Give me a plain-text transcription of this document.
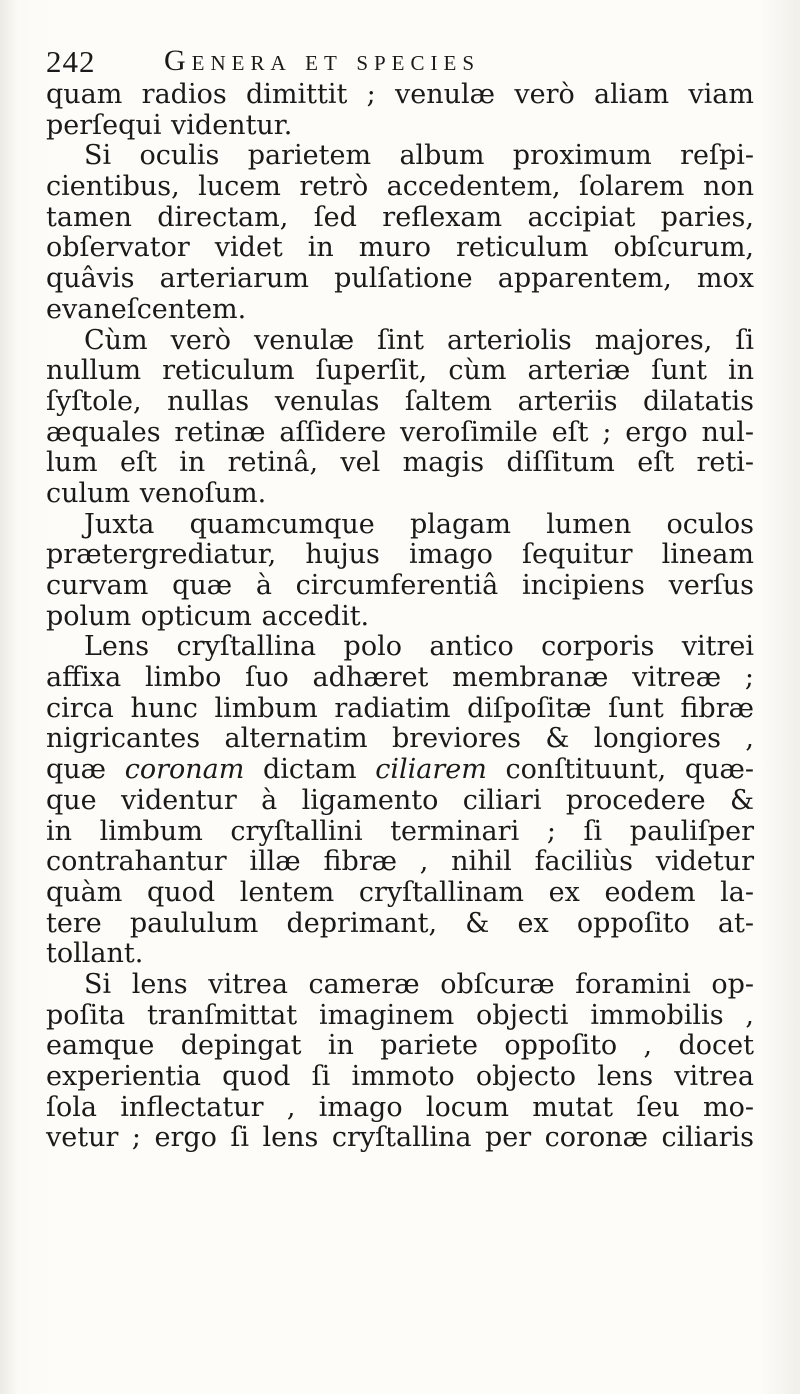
242 Genera et species
quam radios dimittit ; venulæ verò aliam viam
perſequi videntur.
Si oculis parietem album proximum reſpi-
cientibus, lucem retrò accedentem, ſolarem non
tamen directam, ſed reflexam accipiat paries,
obſervator videt in muro reticulum obſcurum,
quâvis arteriarum pulſatione apparentem, mox
evaneſcentem.
Cùm verò venulæ ſint arteriolis majores, ſi
nullum reticulum ſuperſit, cùm arteriæ ſunt in
ſyſtole, nullas venulas ſaltem arteriis dilatatis
æquales retinæ aſſidere veroſimile eſt ; ergo nul-
lum eſt in retinâ, vel magis diſſitum eſt reti-
culum venoſum.
Juxta quamcumque plagam lumen oculos
prætergrediatur, hujus imago ſequitur lineam
curvam quæ à circumferentiâ incipiens verſus
polum opticum accedit.
Lens cryſtallina polo antico corporis vitrei
affixa limbo ſuo adhæret membranæ vitreæ ;
circa hunc limbum radiatim diſpoſitæ ſunt fibræ
nigricantes alternatim breviores & longiores ,
quæ coronam dictam ciliarem conſtituunt, quæ-
que videntur à ligamento ciliari procedere &
in limbum cryſtallini terminari ; ſi pauliſper
contrahantur illæ fibræ , nihil faciliùs videtur
quàm quod lentem cryſtallinam ex eodem la-
tere paululum deprimant, & ex oppoſito at-
tollant.
Si lens vitrea cameræ obſcuræ foramini op-
poſita tranſmittat imaginem objecti immobilis ,
eamque depingat in pariete oppoſito , docet
experientia quod ſi immoto objecto lens vitrea
ſola inflectatur , imago locum mutat ſeu mo-
vetur ; ergo ſi lens cryſtallina per coronæ ciliaris
